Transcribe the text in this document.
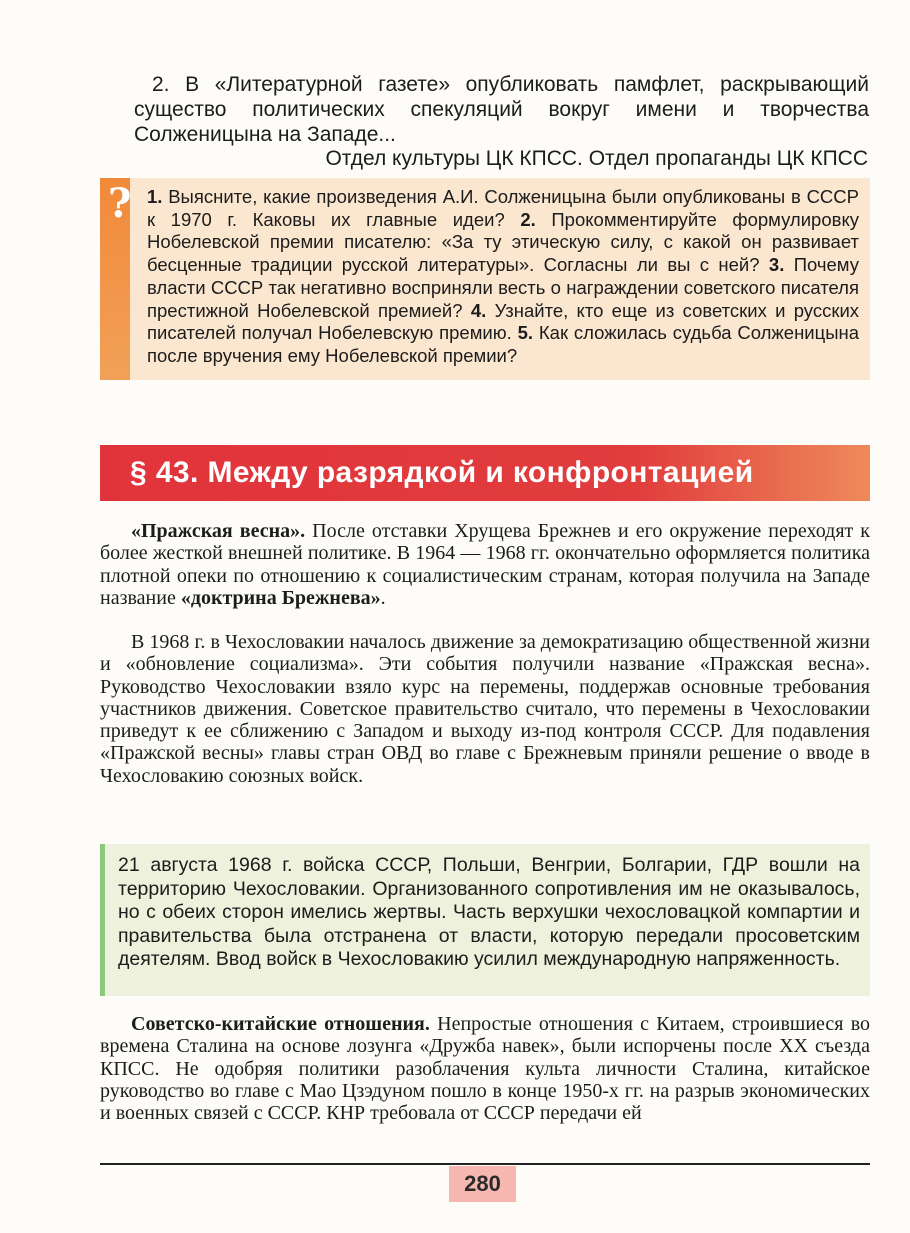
2. В «Литературной газете» опубликовать памфлет, раскрывающий существо политических спекуляций вокруг имени и творчества Солженицына на Западе...

Отдел культуры ЦК КПСС. Отдел пропаганды ЦК КПСС

? 1. Выясните, какие произведения А.И. Солженицына были опубликованы в СССР к 1970 г. Каковы их главные идеи? 2. Прокомментируйте формулировку Нобелевской премии писателю: «За ту этическую силу, с какой он развивает бесценные традиции русской литературы». Согласны ли вы с ней? 3. Почему власти СССР так негативно восприняли весть о награждении советского писателя престижной Нобелевской премией? 4. Узнайте, кто еще из советских и русских писателей получал Нобелевскую премию. 5. Как сложилась судьба Солженицына после вручения ему Нобелевской премии?

§ 43. Между разрядкой и конфронтацией

«Пражская весна». После отставки Хрущева Брежнев и его окружение переходят к более жесткой внешней политике. В 1964 — 1968 гг. окончательно оформляется политика плотной опеки по отношению к социалистическим странам, которая получила на Западе название «доктрина Брежнева».

В 1968 г. в Чехословакии началось движение за демократизацию общественной жизни и «обновление социализма». Эти события получили название «Пражская весна». Руководство Чехословакии взяло курс на перемены, поддержав основные требования участников движения. Советское правительство считало, что перемены в Чехословакии приведут к ее сближению с Западом и выходу из-под контроля СССР. Для подавления «Пражской весны» главы стран ОВД во главе с Брежневым приняли решение о вводе в Чехословакию союзных войск.

21 августа 1968 г. войска СССР, Польши, Венгрии, Болгарии, ГДР вошли на территорию Чехословакии. Организованного сопротивления им не оказывалось, но с обеих сторон имелись жертвы. Часть верхушки чехословацкой компартии и правительства была отстранена от власти, которую передали просоветским деятелям. Ввод войск в Чехословакию усилил международную напряженность.

Советско-китайские отношения. Непростые отношения с Китаем, строившиеся во времена Сталина на основе лозунга «Дружба навек», были испорчены после XX съезда КПСС. Не одобряя политики разоблачения культа личности Сталина, китайское руководство во главе с Мао Цзэдуном пошло в конце 1950-х гг. на разрыв экономических и военных связей с СССР. КНР требовала от СССР передачи ей

280
